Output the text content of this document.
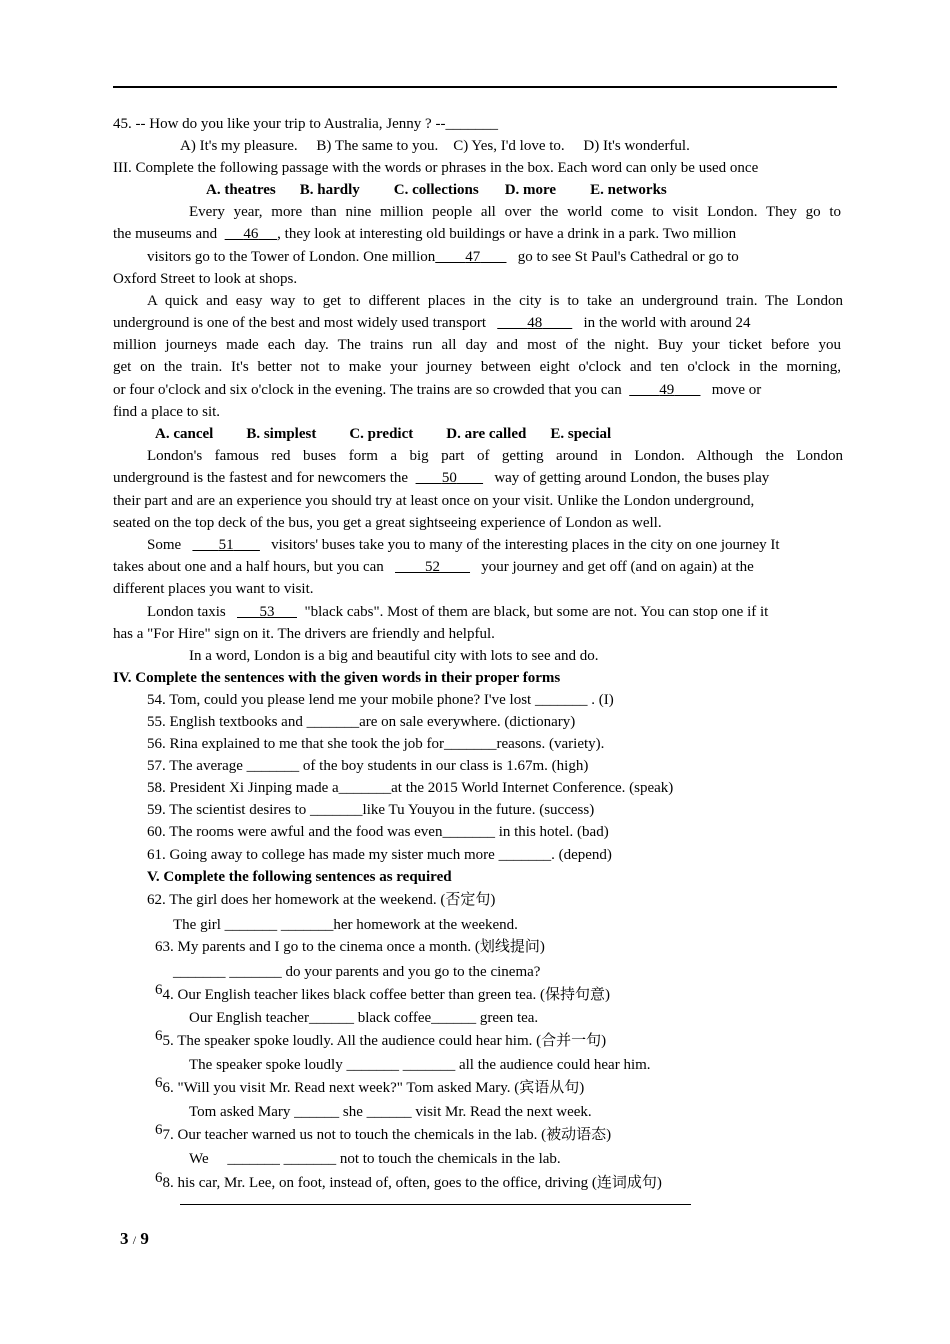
45. -- How do you like your trip to Australia, Jenny ? --_______
A) It's my pleasure.     B) The same to you.    C) Yes, I'd love to.     D) It's wonderful.
III. Complete the following passage with the words or phrases in the box. Each word can only be used once
A. theatres B. hardly C. collections D. more E. networks
Every year, more than nine million people all over the world come to visit London. They go to
the museums and 46 , they look at interesting old buildings or have a drink in a park. Two million
visitors go to the Tower of London. One million 47	go to see St Paul's Cathedral or go to
Oxford Street to look at shops.
A quick and easy way to get to different places in the city is to take an underground train. The London
underground is one of the best and most widely used transport	48	in the world with around 24
million journeys made each day. The trains run all day and most of the night. Buy your ticket before you
get on the train. It's better not to make your journey between eight o'clock and ten o'clock in the morning,
or four o'clock and six o'clock in the evening. The trains are so crowded that you can	49	move or
find a place to sit.
A. cancel B. simplest C. predict D. are called E. special
London's famous red buses form a big part of getting around in London. Although the London
underground is the fastest and for newcomers the 50	way of getting around London, the buses play
their part and are an experience you should try at least once on your visit. Unlike the London underground,
seated on the top deck of the bus, you get a great sightseeing experience of London as well.
Some	51	visitors' buses take you to many of the interesting places in the city on one journey It
takes about one and a half hours, but you can	52	your journey and get off (and on again) at the
different places you want to visit.
London taxis 53 "black cabs". Most of them are black, but some are not. You can stop one if it
has a "For Hire" sign on it. The drivers are friendly and helpful.
In a word, London is a big and beautiful city with lots to see and do.
IV. Complete the sentences with the given words in their proper forms
54. Tom, could you please lend me your mobile phone? I've lost _______ . (I)
55. English textbooks and _______are on sale everywhere. (dictionary)
56. Rina explained to me that she took the job for_______reasons. (variety).
57. The average _______ of the boy students in our class is 1.67m. (high)
58. President Xi Jinping made a_______at the 2015 World Internet Conference. (speak)
59. The scientist desires to _______like Tu Youyou in the future. (success)
60. The rooms were awful and the food was even_______ in this hotel. (bad)
61. Going away to college has made my sister much more _______. (depend)
V. Complete the following sentences as required
62. The girl does her homework at the weekend. (否定句)
The girl _______ _______her homework at the weekend.
63. My parents and I go to the cinema once a month. (划线提问)
_______ _______ do your parents and you go to the cinema?
64. Our English teacher likes black coffee better than green tea. (保持句意)
Our English teacher______ black coffee______ green tea.
65. The speaker spoke loudly. All the audience could hear him. (合并一句)
The speaker spoke loudly _______ _______ all the audience could hear him.
66. "Will you visit Mr. Read next week?" Tom asked Mary. (宾语从句)
Tom asked Mary ______ she ______ visit Mr. Read the next week.
67. Our teacher warned us not to touch the chemicals in the lab. (被动语态)
We     _______ _______ not to touch the chemicals in the lab.
68. his car, Mr. Lee, on foot, instead of, often, goes to the office, driving (连词成句)
3 / 9
